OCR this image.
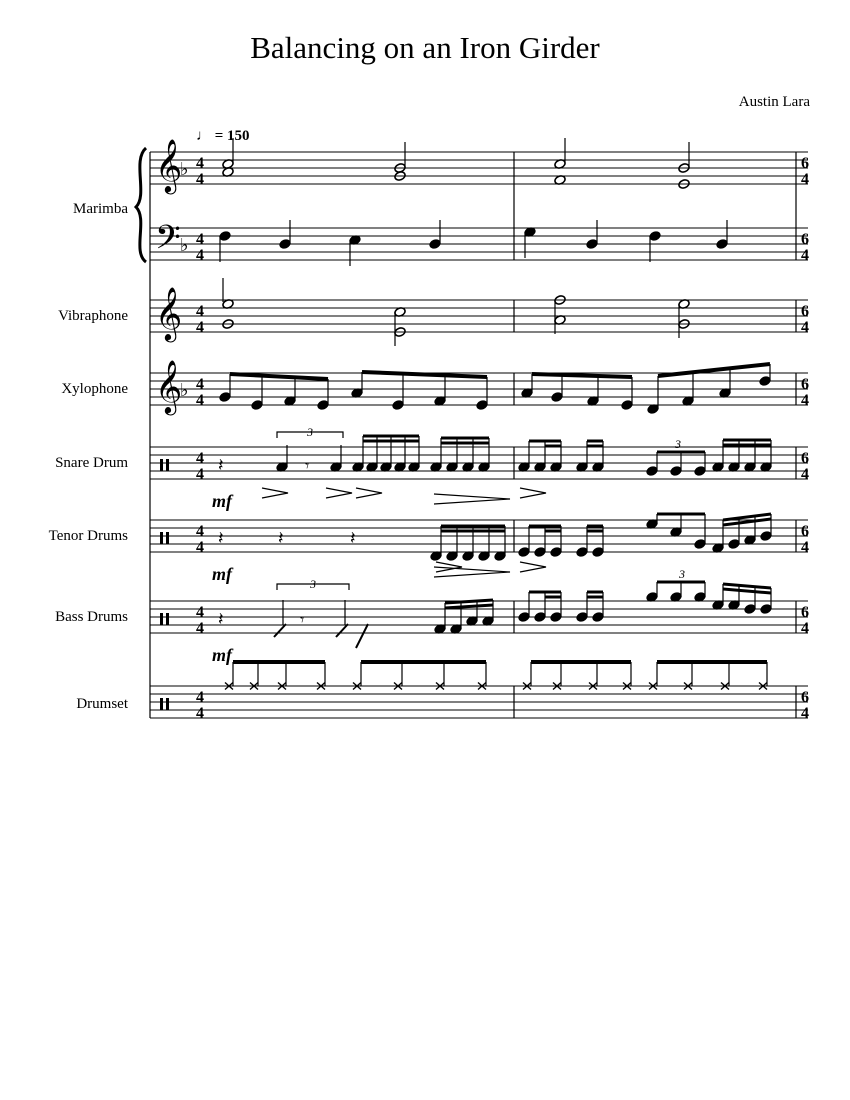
Balancing on an Iron Girder
Austin Lara
♩ = 150
Marimba
Vibraphone
Xylophone
Snare Drum
Tenor Drums
Bass Drums
Drumset
𝄞
𝄞
𝄞
𝄢
♭
♭
♭
4
4
4
4
4
4
4
4
4
4
4
4
4
4
4
4
6
4
6
4
6
4
6
4
6
4
6
4
6
4
6
4
𝄽	𝄾
3
3
𝄽	𝄽	𝄽
𝄽	𝄾
3
3
mf
mf
mf
